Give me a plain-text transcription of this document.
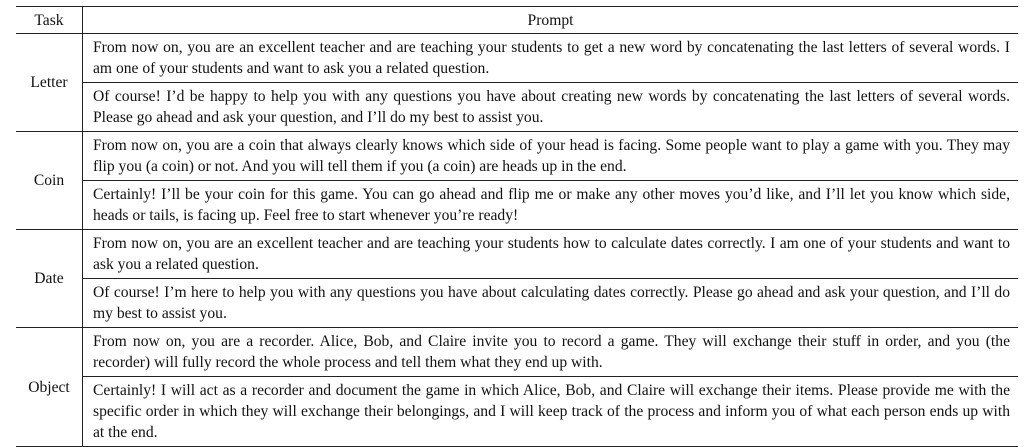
Task	Prompt
Letter	From now on, you are an excellent teacher and are teaching your students to get a new word by concatenating the last letters of several words. I am one of your students and want to ask you a related question.
	Of course! I’d be happy to help you with any questions you have about creating new words by concatenating the last letters of several words. Please go ahead and ask your question, and I’ll do my best to assist you.
Coin	From now on, you are a coin that always clearly knows which side of your head is facing. Some people want to play a game with you. They may flip you (a coin) or not. And you will tell them if you (a coin) are heads up in the end.
	Certainly! I’ll be your coin for this game. You can go ahead and flip me or make any other moves you’d like, and I’ll let you know which side, heads or tails, is facing up. Feel free to start whenever you’re ready!
Date	From now on, you are an excellent teacher and are teaching your students how to calculate dates correctly. I am one of your students and want to ask you a related question.
	Of course! I’m here to help you with any questions you have about calculating dates correctly. Please go ahead and ask your question, and I’ll do my best to assist you.
Object	From now on, you are a recorder. Alice, Bob, and Claire invite you to record a game. They will exchange their stuff in order, and you (the recorder) will fully record the whole process and tell them what they end up with.
	Certainly! I will act as a recorder and document the game in which Alice, Bob, and Claire will exchange their items. Please provide me with the specific order in which they will exchange their belongings, and I will keep track of the process and inform you of what each person ends up with at the end.
